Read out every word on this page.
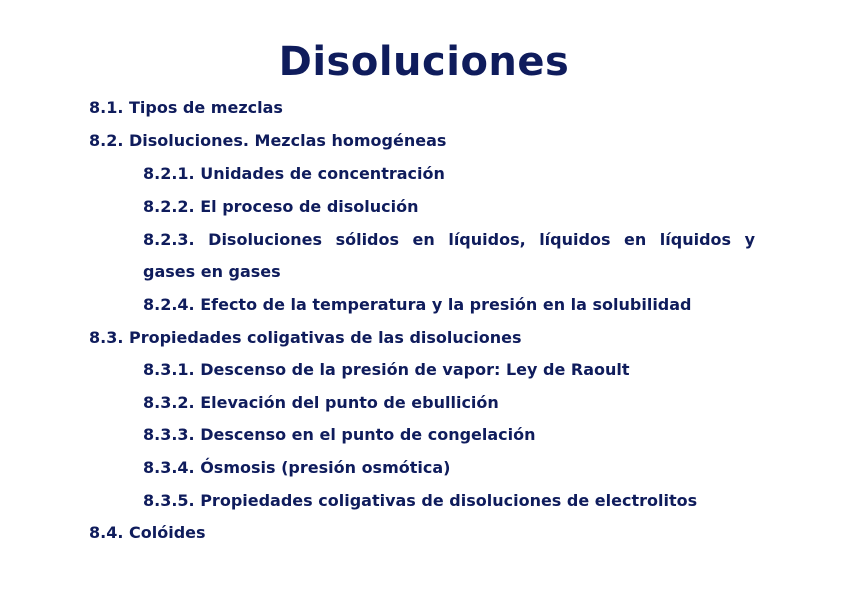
Disoluciones
8.1. Tipos de mezclas
8.2. Disoluciones. Mezclas homogéneas
8.2.1. Unidades de concentración
8.2.2. El proceso de disolución
8.2.3. Disoluciones sólidos en líquidos, líquidos en líquidos y
gases en gases
8.2.4. Efecto de la temperatura y la presión en la solubilidad
8.3. Propiedades coligativas de las disoluciones
8.3.1. Descenso de la presión de vapor: Ley de Raoult
8.3.2. Elevación del punto de ebullición
8.3.3. Descenso en el punto de congelación
8.3.4. Ósmosis (presión osmótica)
8.3.5. Propiedades coligativas de disoluciones de electrolitos
8.4. Colóides
